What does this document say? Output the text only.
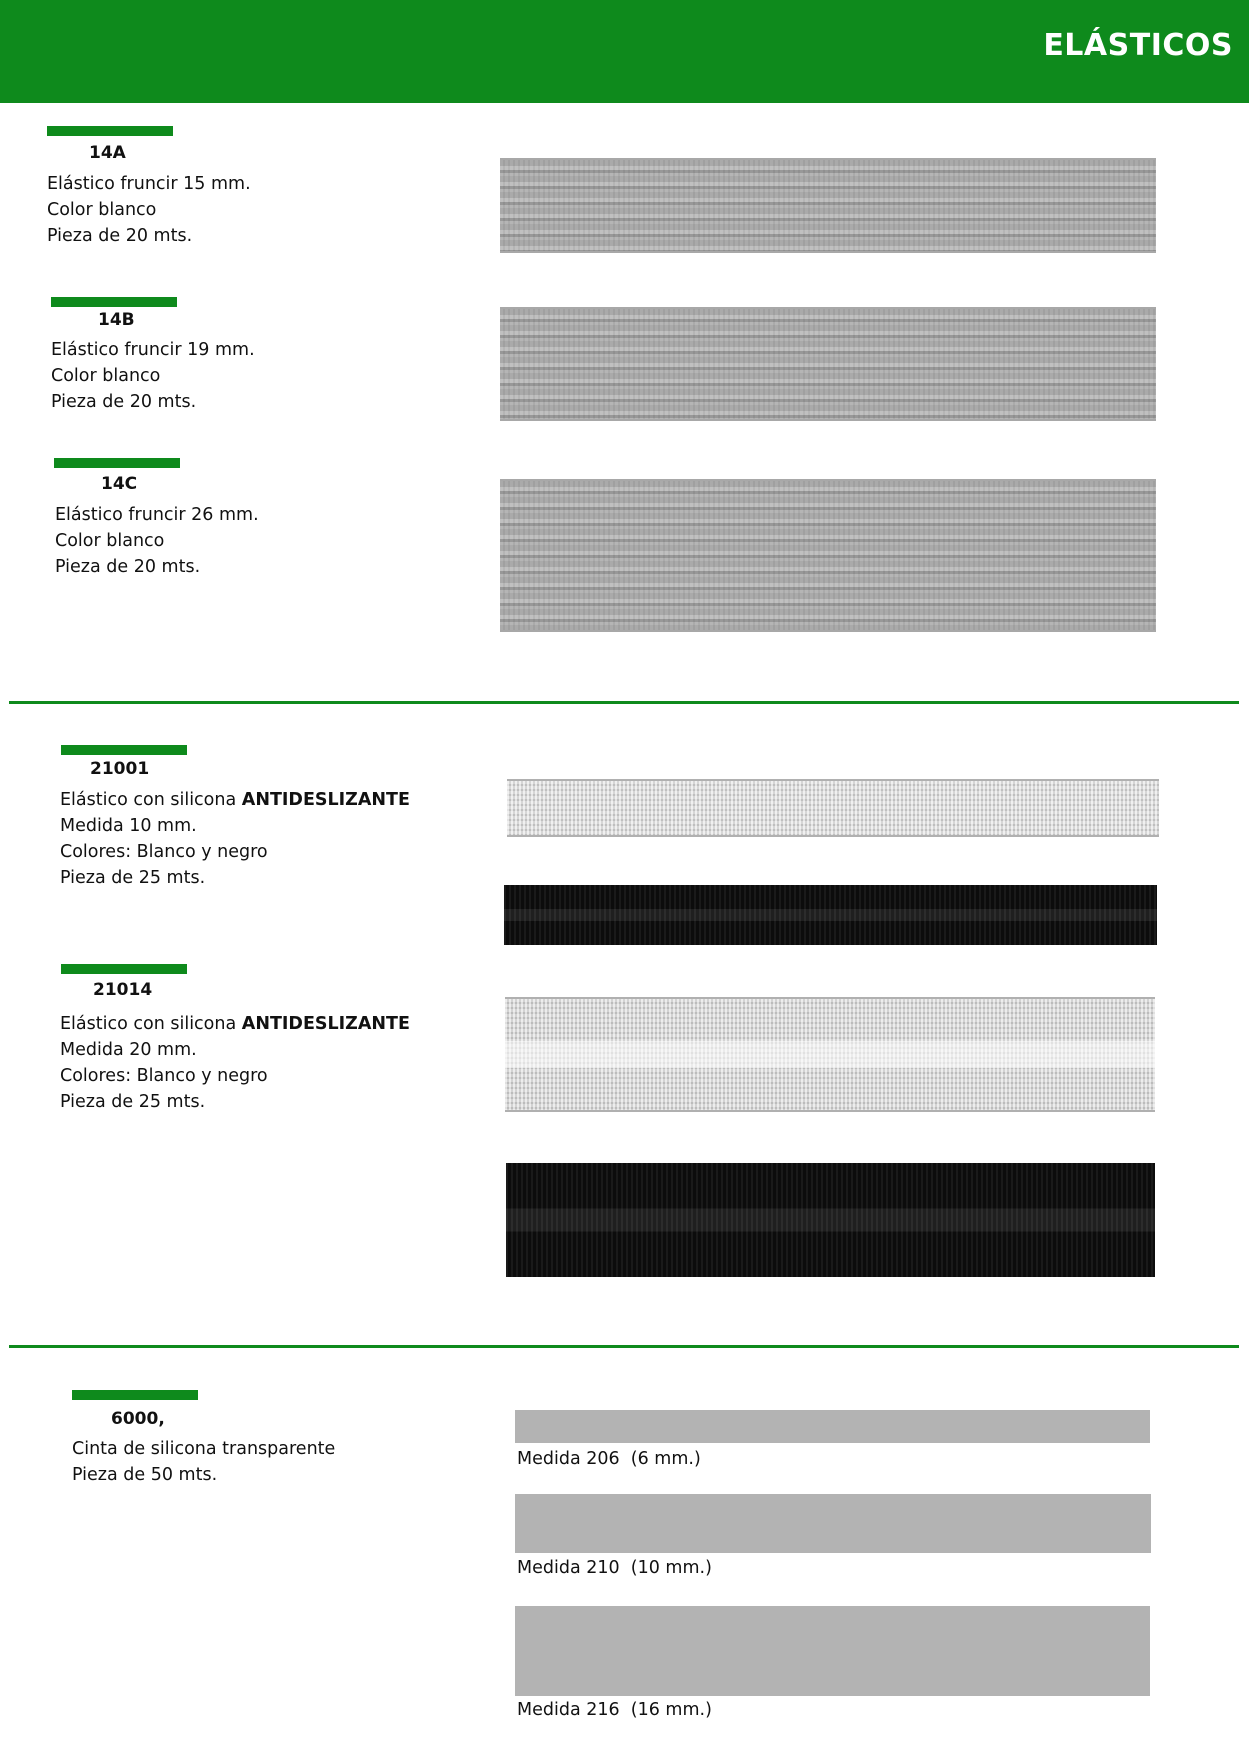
ELÁSTICOS
14A
Elástico fruncir 15 mm.
Color blanco
Pieza de 20 mts.
14B
Elástico fruncir 19 mm.
Color blanco
Pieza de 20 mts.
14C
Elástico fruncir 26 mm.
Color blanco
Pieza de 20 mts.
21001
Elástico con silicona ANTIDESLIZANTE
Medida 10 mm.
Colores: Blanco y negro
Pieza de 25 mts.
21014
Elástico con silicona ANTIDESLIZANTE
Medida 20 mm.
Colores: Blanco y negro
Pieza de 25 mts.
6000,
Cinta de silicona transparente
Pieza de 50 mts.
Medida 206  (6 mm.)
Medida 210  (10 mm.)
Medida 216  (16 mm.)
